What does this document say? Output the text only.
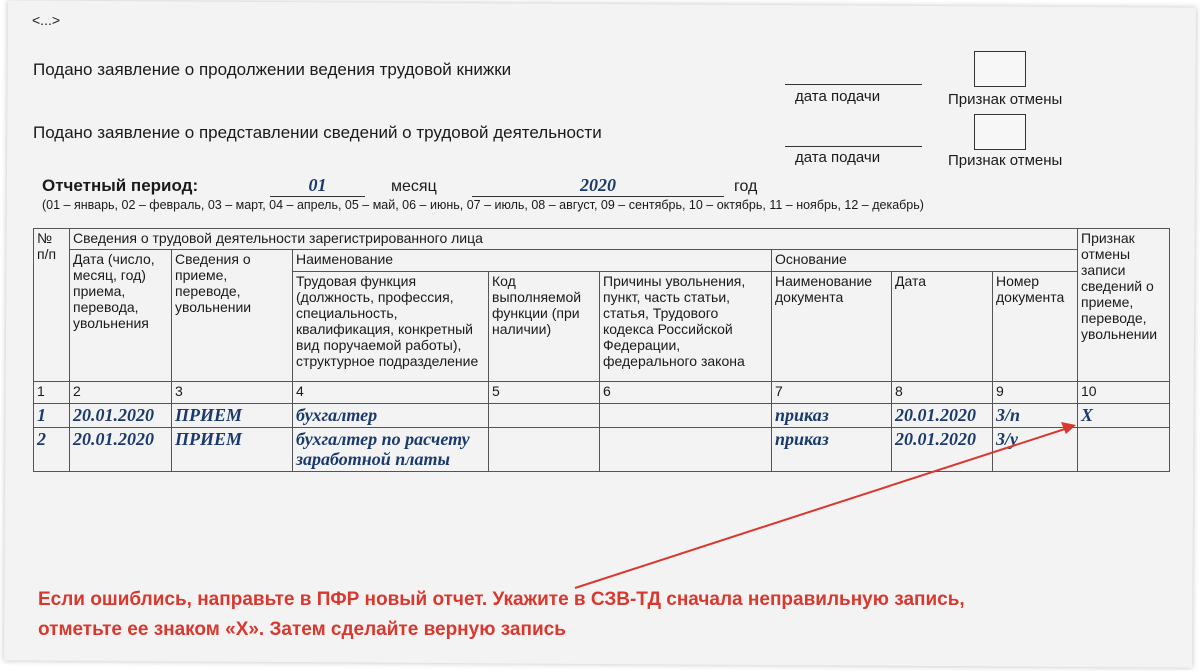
<...>
Подано заявление о продолжении ведения трудовой книжки
дата подачи	Признак отмены
Подано заявление о представлении сведений о трудовой деятельности
дата подачи	Признак отмены
Отчетный период:	01	месяц	2020	год
(01 – январь, 02 – февраль, 03 – март, 04 – апрель, 05 – май, 06 – июнь, 07 – июль, 08 – август, 09 – сентябрь, 10 – октябрь, 11 – ноябрь, 12 – декабрь)
№ п/п	Сведения о трудовой деятельности зарегистрированного лица								Признак отмены записи сведений о приеме, переводе, увольнении
	Дата (число, месяц, год) приема, перевода, увольнения	Сведения о приеме, переводе, увольнении	Наименование			Основание			
			Трудовая функция (должность, профессия, специальность, квалификация, конкретный вид поручаемой работы), структурное подразделение	Код выполняемой функции (при наличии)	Причины увольнения, пункт, часть статьи, статья, Трудового кодекса Российской Федерации, федерального закона	Наименование документа	Дата	Номер документа	
1	2	3	4	5	6	7	8	9	10
1	20.01.2020	ПРИЕМ	бухгалтер			приказ	20.01.2020	3/п	Х
2	20.01.2020	ПРИЕМ	бухгалтер по расчету заработной платы			приказ	20.01.2020	3/у	
Если ошиблись, направьте в ПФР новый отчет. Укажите в СЗВ-ТД сначала неправильную запись,
отметьте ее знаком «Х». Затем сделайте верную запись
